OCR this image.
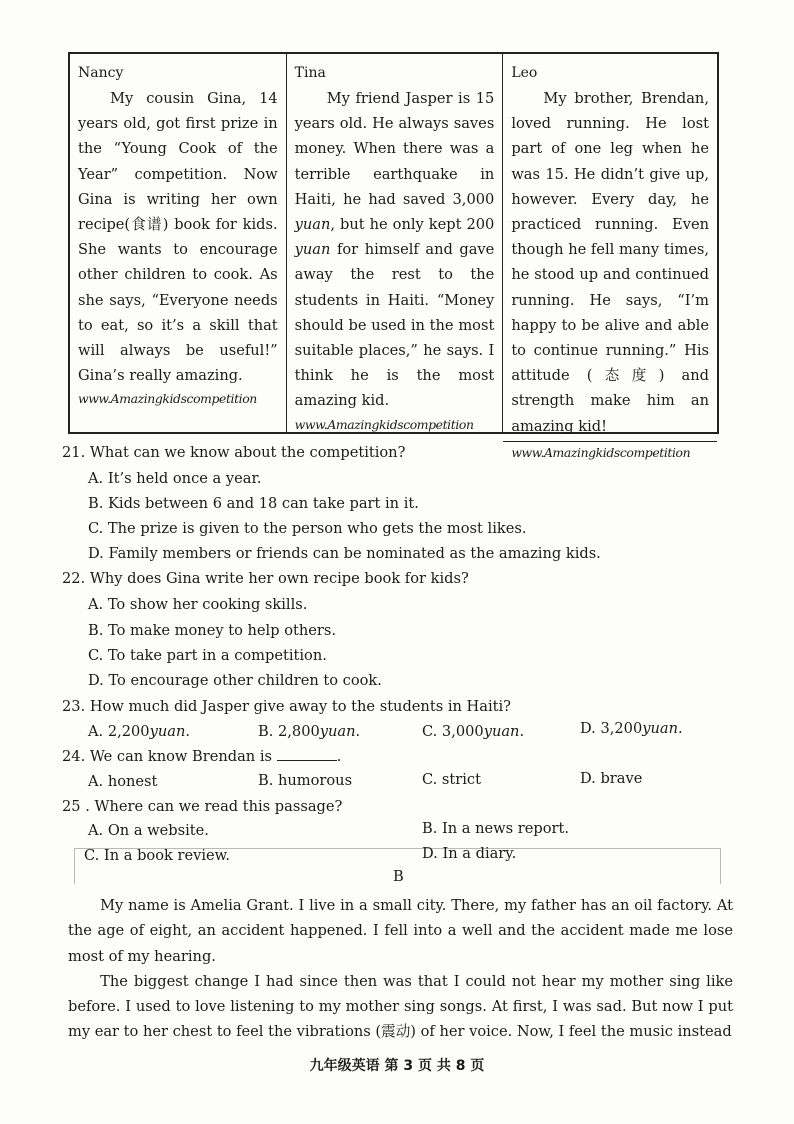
Nancy
My cousin Gina, 14 years old, got first prize in the “Young Cook of the Year” competition. Now Gina is writing her own recipe(食谱) book for kids. She wants to encourage other children to cook. As she says, “Everyone needs to eat, so it’s a skill that will always be useful!” Gina’s really amazing.
www.Amazingkidscompetition
Tina
My friend Jasper is 15 years old. He always saves money. When there was a terrible earthquake in Haiti, he had saved 3,000 yuan, but he only kept 200 yuan for himself and gave away the rest to the students in Haiti. “Money should be used in the most suitable places,” he says. I think he is the most amazing kid.
www.Amazingkidscompetition
Leo
My brother, Brendan, loved running. He lost part of one leg when he was 15. He didn’t give up, however. Every day, he practiced running. Even though he fell many times, he stood up and continued running. He says, “I’m happy to be alive and able to continue running.” His attitude (态度) and strength make him an amazing kid!
www.Amazingkidscompetition
21. What can we know about the competition?
A. It’s held once a year.
B. Kids between 6 and 18 can take part in it.
C. The prize is given to the person who gets the most likes.
D. Family members or friends can be nominated as the amazing kids.
22. Why does Gina write her own recipe book for kids?
A. To show her cooking skills.
B. To make money to help others.
C. To take part in a competition.
D. To encourage other children to cook.
23. How much did Jasper give away to the students in Haiti?
A. 2,200yuan.	B. 2,800yuan.	C. 3,000yuan.	D. 3,200yuan.
24. We can know Brendan is	.
A. honest	B. humorous	C. strict	D. brave
25 . Where can we read this passage?
A. On a website.	B. In a news report.
C. In a book review.	D. In a diary.
B

My name is Amelia Grant. I live in a small city. There, my father has an oil factory. At the age of eight, an accident happened. I fell into a well and the accident made me lose most of my hearing.

The biggest change I had since then was that I could not hear my mother sing like before. I used to love listening to my mother sing songs. At first, I was sad. But now I put my ear to her chest to feel the vibrations (震动) of her voice. Now, I feel the music instead

九年级英语 第 3 页 共 8 页
